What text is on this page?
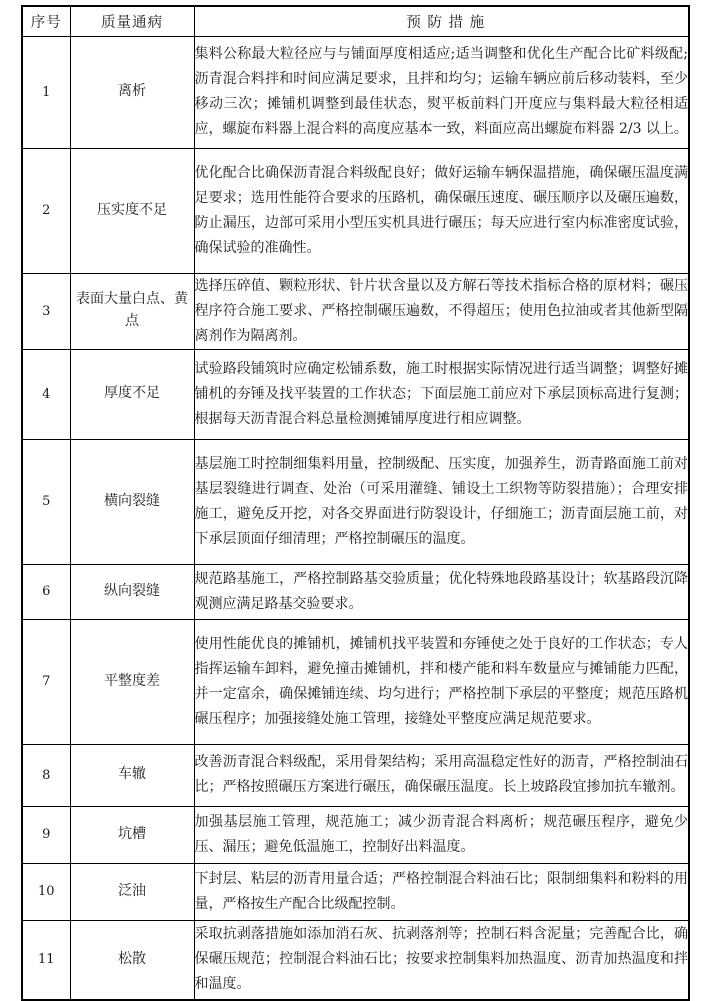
序号	质量通病	预 防 措 施
1	离析	集料公称最大粒径应与与铺面厚度相适应;适当调整和优化生产配合比矿料级配;沥青混合料拌和时间应满足要求，且拌和均匀；运输车辆应前后移动装料，至少移动三次；摊铺机调整到最佳状态，熨平板前料门开度应与集料最大粒径相适应，螺旋布料器上混合料的高度应基本一致，料面应高出螺旋布料器 2/3 以上。

2	压实度不足	优化配合比确保沥青混合料级配良好；做好运输车辆保温措施，确保碾压温度满足要求；选用性能符合要求的压路机，确保碾压速度、碾压顺序以及碾压遍数，防止漏压，边部可采用小型压实机具进行碾压；每天应进行室内标准密度试验，确保试验的准确性。

3	表面大量白点、黄点	选择压碎值、颗粒形状、针片状含量以及方解石等技术指标合格的原材料；碾压程序符合施工要求、严格控制碾压遍数，不得超压；使用色拉油或者其他新型隔离剂作为隔离剂。

4	厚度不足	试验路段铺筑时应确定松铺系数，施工时根据实际情况进行适当调整；调整好摊铺机的夯锤及找平装置的工作状态；下面层施工前应对下承层顶标高进行复测；根据每天沥青混合料总量检测摊铺厚度进行相应调整。

5	横向裂缝	基层施工时控制细集料用量，控制级配、压实度，加强养生，沥青路面施工前对基层裂缝进行调查、处治（可采用灌缝、铺设土工织物等防裂措施）；合理安排施工，避免反开挖，对各交界面进行防裂设计，仔细施工；沥青面层施工前，对下承层顶面仔细清理；严格控制碾压的温度。

6	纵向裂缝	规范路基施工，严格控制路基交验质量；优化特殊地段路基设计；软基路段沉降观测应满足路基交验要求。

7	平整度差	使用性能优良的摊铺机，摊铺机找平装置和夯锤使之处于良好的工作状态；专人指挥运输车卸料，避免撞击摊铺机，拌和楼产能和料车数量应与摊铺能力匹配，并一定富余，确保摊铺连续、均匀进行；严格控制下承层的平整度；规范压路机碾压程序；加强接缝处施工管理，接缝处平整度应满足规范要求。

8	车辙	改善沥青混合料级配，采用骨架结构；采用高温稳定性好的沥青，严格控制油石比；严格按照碾压方案进行碾压，确保碾压温度。长上坡路段宜掺加抗车辙剂。

9	坑槽	加强基层施工管理，规范施工；减少沥青混合料离析；规范碾压程序，避免少压、漏压；避免低温施工，控制好出料温度。

10	泛油	下封层、粘层的沥青用量合适；严格控制混合料油石比；限制细集料和粉料的用量，严格按生产配合比级配控制。

11	松散	采取抗剥落措施如添加消石灰、抗剥落剂等；控制石料含泥量；完善配合比，确保碾压规范；控制混合料油石比；按要求控制集料加热温度、沥青加热温度和拌和温度。
